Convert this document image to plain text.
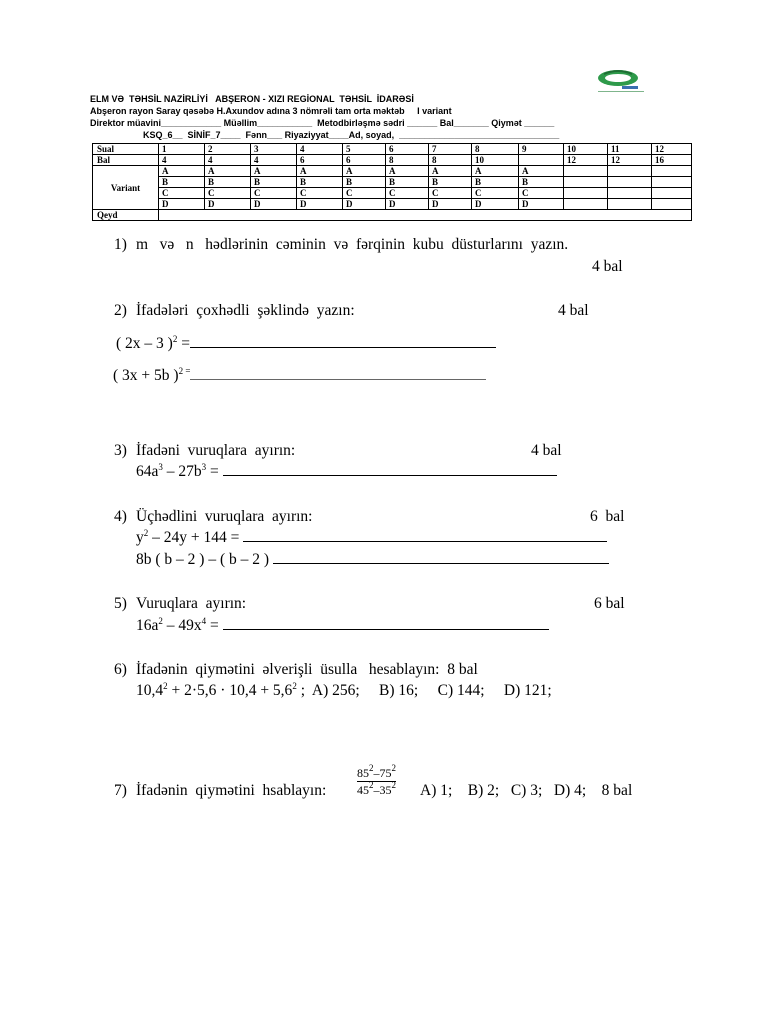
ELM VƏ  TƏHSİL NAZİRLİYİ   ABŞERON - XIZI REGİONAL  TƏHSİL  İDARƏSİ
Abşeron rayon Saray qəsəbə H.Axundov adına 3 nömrəli tam orta məktəb     I variant
Direktor müavini____________ Müəllim___________  Metodbirləşmə sədri ______ Bal_______ Qiymət ______
KSQ_6__  SİNİF_7____  Fənn___ Riyaziyyat____Ad, soyad,  ________________________________
Sual	1	2	3	4	5	6	7	8	9	10	11	12
Bal	4	4	4	6	6	8	8	10		12	12	16
Variant	A	A	A	A	A	A	A	A	A			
	B	B	B	B	B	B	B	B	B			
	C	C	C	C	C	C	C	C	C			
	D	D	D	D	D	D	D	D	D			
Qeyd												
1) m   və   n   hədlərinin  cəminin  və  fərqinin  kubu  düsturlarını  yazın.
4 bal
2) İfadələri  çoxhədli  şəklində  yazın:	4 bal
( 2x – 3 )$^2$ =
( 3x + 5b )$^{2 =}$
3) İfadəni  vuruqlara  ayırın:	4 bal
$64a^3 - 27b^3$ =
4) Üçhədlini  vuruqlara  ayırın:	6  bal
$y^2 - 24y + 144$ =
8b ( b – 2 ) – ( b – 2 )
5) Vuruqlara  ayırın:	6 bal
$16a^2 - 49x^4$ =
6) İfadənin  qiymətini  əlverişli  üsulla   hesablayın:  8 bal
$10,4^2 + 2\cdot 5,6 \cdot 10,4 + 5,6^2$ ;  A) 256;     B) 16;     C) 144;     D) 121;
7) İfadənin  qiymətini  hsablayın:
$85^2-75^2$
$45^2-35^2$ A) 1;    B) 2;   C) 3;   D) 4;    8 bal
